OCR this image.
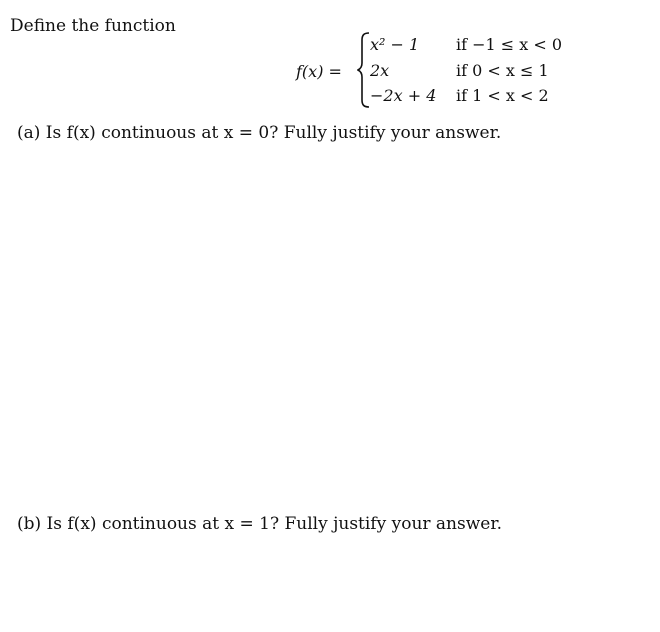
Define the function
f(x) =
x² − 1 if −1 ≤ x < 0
2x	if 0 < x ≤ 1
−2x + 4 if 1 < x < 2
(a) Is f(x) continuous at x = 0? Fully justify your answer.
(b) Is f(x) continuous at x = 1? Fully justify your answer.
